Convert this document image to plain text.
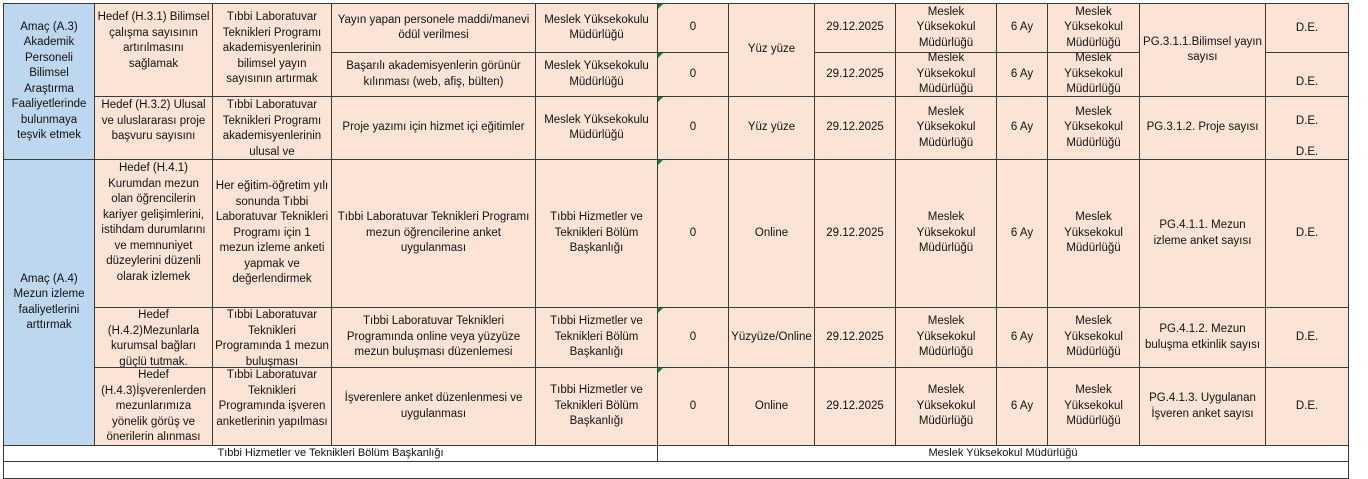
Amaç (A.3) Akademik Personeli Bilimsel Araştırma Faaliyetlerinde bulunmaya teşvik etmek
Amaç (A.4) Mezun izleme faaliyetlerini arttırmak
Hedef (H.3.1) Bilimsel çalışma sayısının artırılmasını sağlamak
Hedef (H.3.2) Ulusal ve uluslararası proje başvuru sayısını
Hedef (H.4.1) Kurumdan mezun olan öğrencilerin kariyer gelişimlerini, istihdam durumlarını ve memnuniyet düzeylerini düzenli olarak izlemek
Hedef (H.4.2)Mezunlarla kurumsal bağları güçlü tutmak.
Hedef (H.4.3)İşverenlerden mezunlarımıza yönelik görüş ve önerilerin alınması
Tıbbi Laboratuvar Teknikleri Programı akademisyenlerinin bilimsel yayın sayısının artırmak
Tıbbi Laboratuvar Teknikleri Programı akademisyenlerinin ulusal ve
Her eğitim-öğretim yılı sonunda Tıbbi Laboratuvar Teknikleri Programı için 1 mezun izleme anketi yapmak ve değerlendirmek
Tıbbi Laboratuvar Teknikleri Programında 1 mezun buluşması
Tıbbi Laboratuvar Teknikleri Programında işveren anketlerinin yapılması
Yayın yapan personele maddi/manevi ödül verilmesi
Başarılı akademisyenlerin görünür kılınması (web, afiş, bülten)
Proje yazımı için hizmet içi eğitimler
Tıbbi Laboratuvar Teknikleri Programı mezun öğrencilerine anket uygulanması
Tıbbi Laboratuvar Teknikleri Programında online veya yüzyüze mezun buluşması düzenlemesi
İşverenlere anket düzenlenmesi ve uygulanması
Meslek Yüksekokulu Müdürlüğü
Meslek Yüksekokulu Müdürlüğü
Meslek Yüksekokulu Müdürlüğü
Tıbbi Hizmetler ve Teknikleri Bölüm Başkanlığı
Tıbbi Hizmetler ve Teknikleri Bölüm Başkanlığı
Tıbbi Hizmetler ve Teknikleri Bölüm Başkanlığı
0
0
0
0
0
0
Yüz yüze
Yüz yüze
Online
Yüzyüze/Online
Online
29.12.2025
29.12.2025
29.12.2025
29.12.2025
29.12.2025
29.12.2025
Meslek Yüksekokul Müdürlüğü
Meslek Yüksekokul Müdürlüğü
Meslek Yüksekokul Müdürlüğü
Meslek Yüksekokul Müdürlüğü
Meslek Yüksekokul Müdürlüğü
Meslek Yüksekokul Müdürlüğü
6 Ay
6 Ay
6 Ay
6 Ay
6 Ay
6 Ay
Meslek Yüksekokul Müdürlüğü
Meslek Yüksekokul Müdürlüğü
Meslek Yüksekokul Müdürlüğü
Meslek Yüksekokul Müdürlüğü
Meslek Yüksekokul Müdürlüğü
Meslek Yüksekokul Müdürlüğü
PG.3.1.1.Bilimsel yayın sayısı
PG.3.1.2. Proje sayısı
PG.4.1.1. Mezun izleme anket sayısı
PG.4.1.2. Mezun buluşma etkinlik sayısı
PG.4.1.3. Uygulanan İşveren anket sayısı
D.E.
D.E.
D.E.
D.E.
D.E.
D.E.
D.E.
Tıbbi Hizmetler ve Teknikleri Bölüm Başkanlığı	Meslek Yüksekokul Müdürlüğü
